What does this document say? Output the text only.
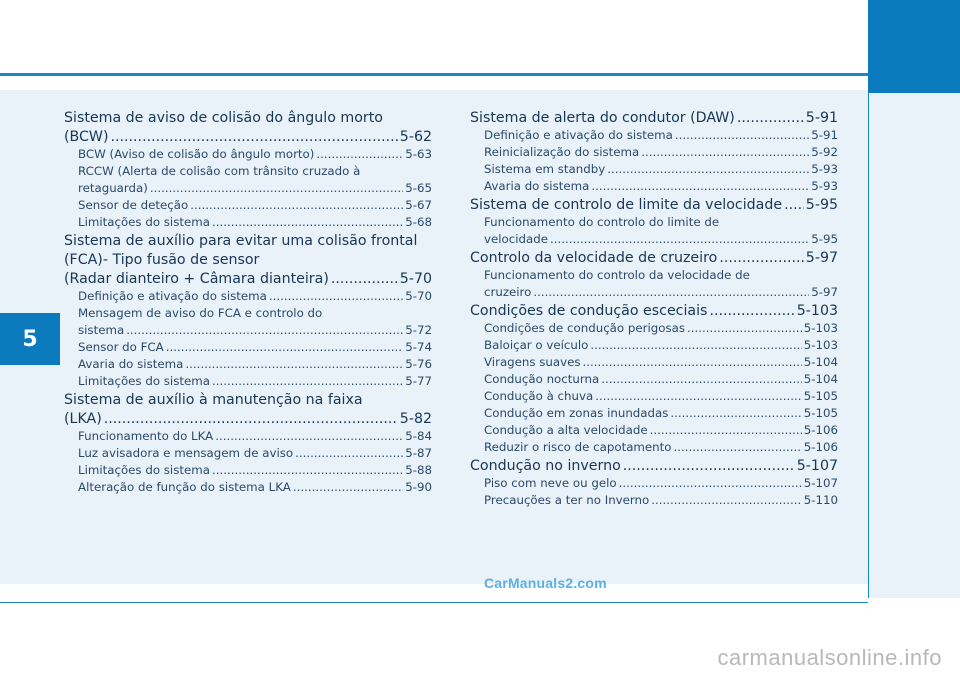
5
Sistema de aviso de colisão do ângulo morto
(BCW) .....	5-62
BCW (Aviso de colisão do ângulo morto) .....	5-63
RCCW (Alerta de colisão com trânsito cruzado à
retaguarda) .....	5-65
Sensor de deteção .....	5-67
Limitações do sistema .....	5-68
Sistema de auxílio para evitar uma colisão frontal
(FCA)- Tipo fusão de sensor
(Radar dianteiro + Câmara dianteira) .....	5-70
Definição e ativação do sistema .....	5-70
Mensagem de aviso do FCA e controlo do
sistema .....	5-72
Sensor do FCA .....	5-74
Avaria do sistema .....	5-76
Limitações do sistema .....	5-77
Sistema de auxílio à manutenção na faixa
(LKA) .....	5-82
Funcionamento do LKA .....	5-84
Luz avisadora e mensagem de aviso .....	5-87
Limitações do sistema .....	5-88
Alteração de função do sistema LKA .....	5-90
Sistema de alerta do condutor (DAW) .....	5-91
Definição e ativação do sistema .....	5-91
Reinicialização do sistema .....	5-92
Sistema em standby .....	5-93
Avaria do sistema .....	5-93
Sistema de controlo de limite da velocidade ..... 5-95
Funcionamento do controlo do limite de
velocidade .....	5-95
Controlo da velocidade de cruzeiro .....	5-97
Funcionamento do controlo da velocidade de
cruzeiro .....	5-97
Condições de condução esceciais .....	5-103
Condições de condução perigosas .....	5-103
Baloiçar o veículo .....	5-103
Viragens suaves .....	5-104
Condução nocturna .....	5-104
Condução à chuva .....	5-105
Condução em zonas inundadas .....	5-105
Condução a alta velocidade .....	5-106
Reduzir o risco de capotamento .....	5-106
Condução no inverno .....	5-107
Piso com neve ou gelo .....	5-107
Precauções a ter no Inverno .....	5-110
CarManuals2.com
carmanualsonline.info
